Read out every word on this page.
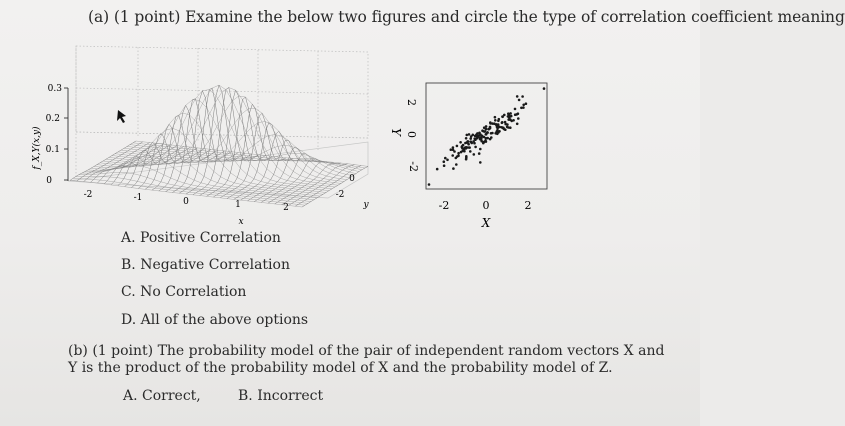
(a) (1 point) Examine the below two figures and circle the type of correlation coefficient meaning
0
0.1
0.2
0.3
f_X,Y(x,y)
-2	-1	0	1	2
x
-2
0
y
Y
2
0
-2
-2	0	2
X
A. Positive Correlation
B. Negative Correlation
C. No Correlation
D. All of the above options
(b) (1 point) The probability model of the pair of independent random vectors X and Y is the product of the probability model of X and the probability model of Z.
A. Correct,	B. Incorrect
